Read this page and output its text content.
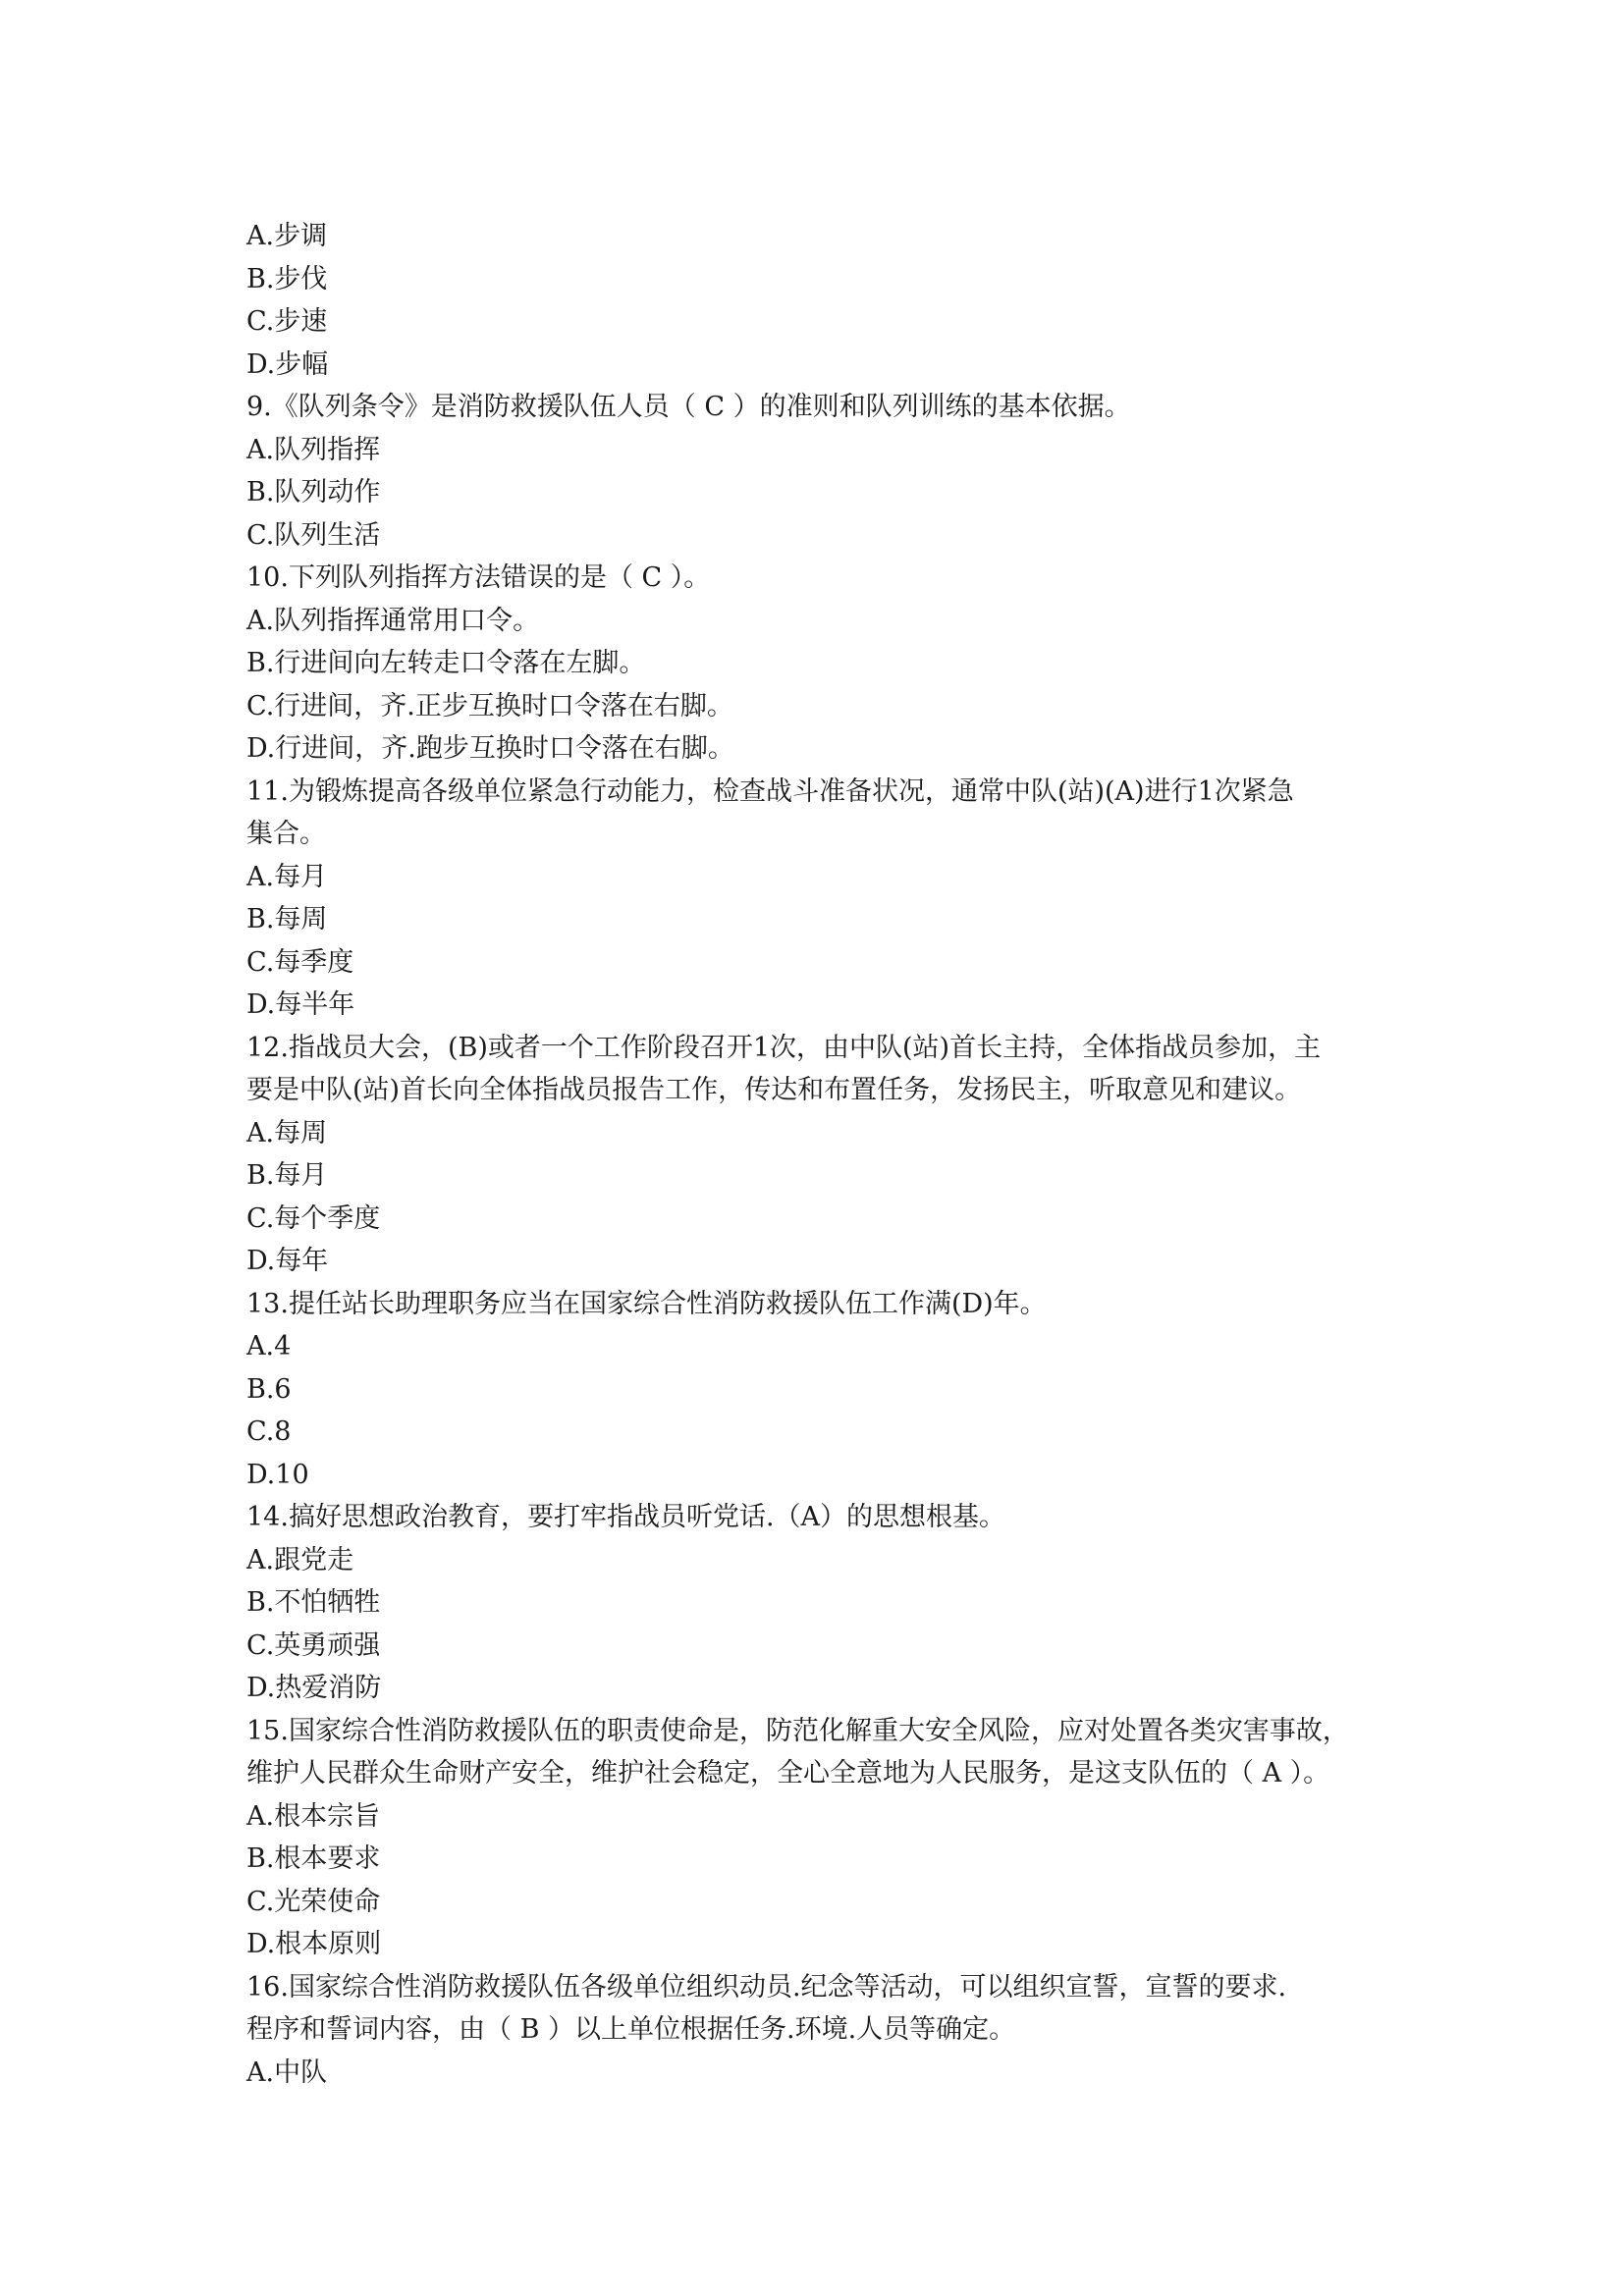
A.步调
B.步伐
C.步速
D.步幅
9.《队列条令》是消防救援队伍人员（ C ）的准则和队列训练的基本依据。
A.队列指挥
B.队列动作
C.队列生活
10.下列队列指挥方法错误的是（ C ）。
A.队列指挥通常用口令。
B.行进间向左转走口令落在左脚。
C.行进间，齐.正步互换时口令落在右脚。
D.行进间，齐.跑步互换时口令落在右脚。
11.为锻炼提高各级单位紧急行动能力，检查战斗准备状况，通常中队(站)(A)进行1次紧急
集合。
A.每月
B.每周
C.每季度
D.每半年
12.指战员大会，(B)或者一个工作阶段召开1次，由中队(站)首长主持，全体指战员参加，主
要是中队(站)首长向全体指战员报告工作，传达和布置任务，发扬民主，听取意见和建议。
A.每周
B.每月
C.每个季度
D.每年
13.提任站长助理职务应当在国家综合性消防救援队伍工作满(D)年。
A.4
B.6
C.8
D.10
14.搞好思想政治教育，要打牢指战员听党话.（A）的思想根基。
A.跟党走
B.不怕牺牲
C.英勇顽强
D.热爱消防
15.国家综合性消防救援队伍的职责使命是，防范化解重大安全风险，应对处置各类灾害事故，
维护人民群众生命财产安全，维护社会稳定，全心全意地为人民服务，是这支队伍的（ A ）。
A.根本宗旨
B.根本要求
C.光荣使命
D.根本原则
16.国家综合性消防救援队伍各级单位组织动员.纪念等活动，可以组织宣誓，宣誓的要求.
程序和誓词内容，由（ B ）以上单位根据任务.环境.人员等确定。
A.中队
